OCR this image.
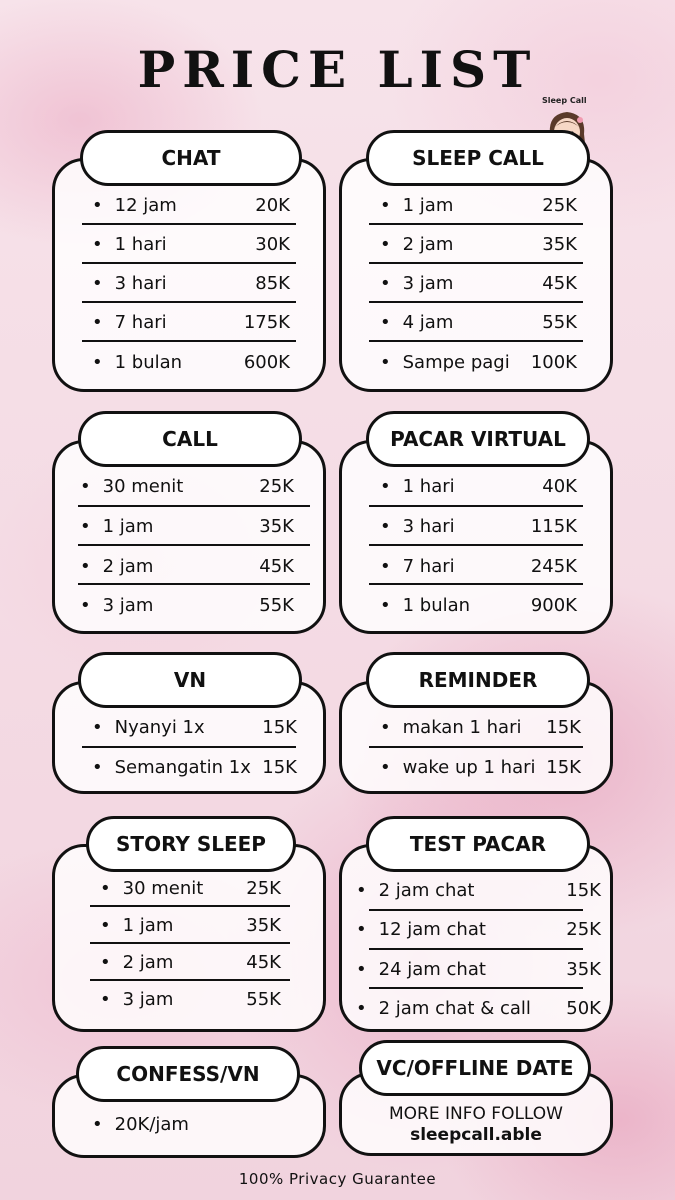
PRICE LIST
Sleep Call
CHAT
• 12 jam	20K
• 1 hari	30K
• 3 hari	85K
• 7 hari	175K
• 1 bulan	600K
SLEEP CALL
• 1 jam	25K
• 2 jam	35K
• 3 jam	45K
• 4 jam	55K
• Sampe pagi 100K
CALL
• 30 menit	25K
• 1 jam	35K
• 2 jam	45K
• 3 jam	55K
PACAR VIRTUAL
• 1 hari	40K
• 3 hari	115K
• 7 hari	245K
• 1 bulan	900K
VN
• Nyanyi 1x	15K
• Semangatin 1x 15K
REMINDER
• makan 1 hari 15K
• wake up 1 hari 15K
STORY SLEEP
• 30 menit 25K
• 1 jam	35K
• 2 jam	45K
• 3 jam	55K
TEST PACAR
• 2 jam chat	15K
• 12 jam chat	25K
• 24 jam chat	35K
• 2 jam chat & call 50K
CONFESS/VN
• 20K/jam
VC/OFFLINE DATE
MORE INFO FOLLOW
sleepcall.able
100% Privacy Guarantee
